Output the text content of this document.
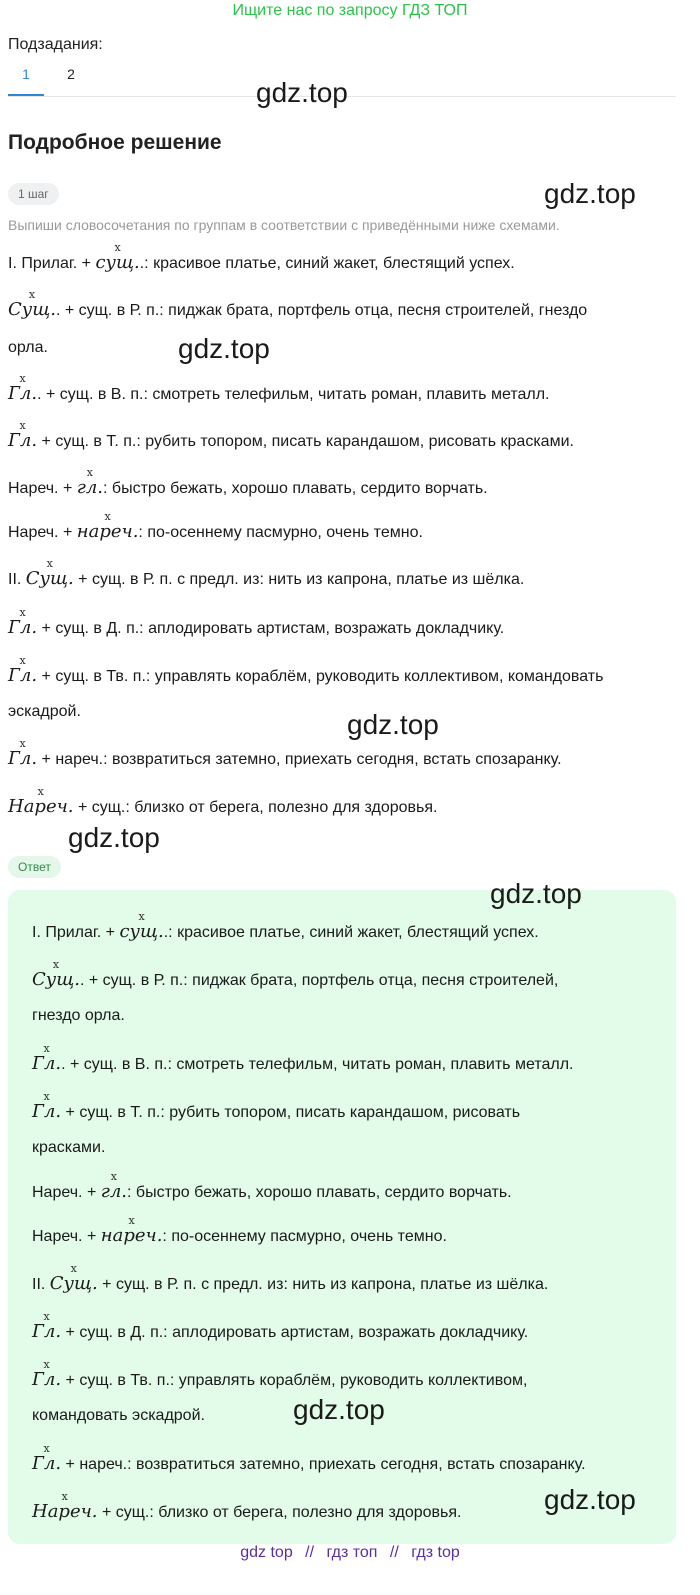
Ищите нас по запросу ГДЗ ТОП
Подзадания:
1	2
gdz.top
Подробное решение
1 шаг	gdz.top
Выпиши словосочетания по группам в соответствии с приведёнными ниже схемами.
I. Прилаг. +
x
сущ..: красивое платье, синий жакет, блестящий успех.
x
Сущ.. + сущ. в Р. п.: пиджак брата, портфель отца, песня строителей, гнездо
орла.
x
Гл.. + сущ. в В. п.: смотреть телефильм, читать роман, плавить металл.
x
Гл. + сущ. в Т. п.: рубить топором, писать карандашом, рисовать красками.
Нареч. +
x
гл.: быстро бежать, хорошо плавать, сердито ворчать.
Нареч. +
x
нареч.: по-осеннему пасмурно, очень темно.
II.
x
Сущ. + сущ. в Р. п. с предл. из: нить из капрона, платье из шёлка.
x
Гл. + сущ. в Д. п.: аплодировать артистам, возражать докладчику.
x
Гл. + сущ. в Тв. п.: управлять кораблём, руководить коллективом, командовать
эскадрой.
x
Гл. + нареч.: возвратиться затемно, приехать сегодня, встать спозаранку.
x
Нареч. + сущ.: близко от берега, полезно для здоровья.
gdz.top
gdz.top
gdz.top
Ответ
I. Прилаг. +
x
сущ..: красивое платье, синий жакет, блестящий успех.
x
Сущ.. + сущ. в Р. п.: пиджак брата, портфель отца, песня строителей,
гнездо орла.
x
Гл.. + сущ. в В. п.: смотреть телефильм, читать роман, плавить металл.
x
Гл. + сущ. в Т. п.: рубить топором, писать карандашом, рисовать
красками.
Нареч. +
x
гл.: быстро бежать, хорошо плавать, сердито ворчать.
Нареч. +
x
нареч.: по-осеннему пасмурно, очень темно.
II.
x
Сущ. + сущ. в Р. п. с предл. из: нить из капрона, платье из шёлка.
x
Гл. + сущ. в Д. п.: аплодировать артистам, возражать докладчику.
x
Гл. + сущ. в Тв. п.: управлять кораблём, руководить коллективом,
командовать эскадрой.
x
Гл. + нареч.: возвратиться затемно, приехать сегодня, встать спозаранку.
x
Нареч. + сущ.: близко от берега, полезно для здоровья.
gdz.top
gdz.top
gdz.top
gdz top // гдз топ // гдз top
